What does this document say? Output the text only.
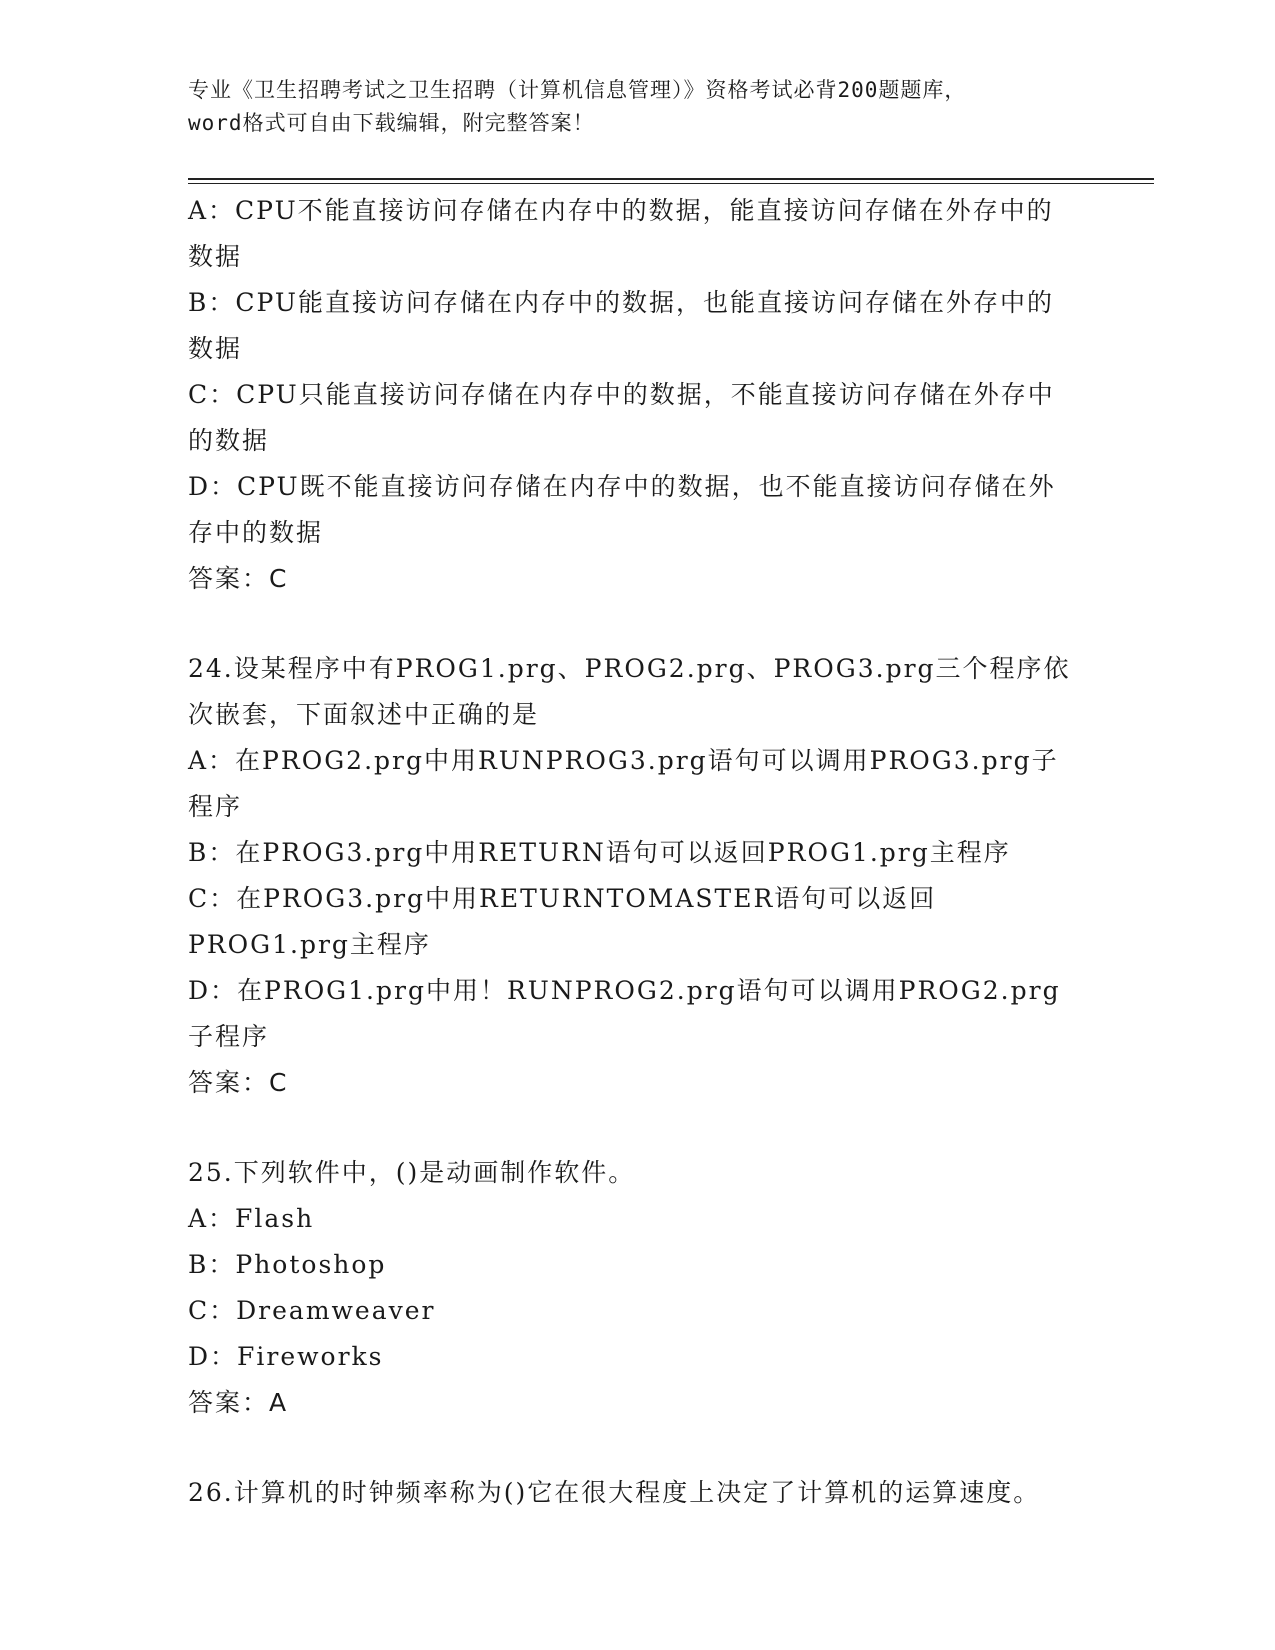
专业《卫生招聘考试之卫生招聘（计算机信息管理）》资格考试必背200题题库，
word格式可自由下载编辑，附完整答案！

A：CPU不能直接访问存储在内存中的数据，能直接访问存储在外存中的数据

B：CPU能直接访问存储在内存中的数据，也能直接访问存储在外存中的数据

C：CPU只能直接访问存储在内存中的数据，不能直接访问存储在外存中的数据

D：CPU既不能直接访问存储在内存中的数据，也不能直接访问存储在外存中的数据

答案：C

24.设某程序中有PROG1.prg、PROG2.prg、PROG3.prg三个程序依次嵌套，下面叙述中正确的是

A：在PROG2.prg中用RUNPROG3.prg语句可以调用PROG3.prg子程序

B：在PROG3.prg中用RETURN语句可以返回PROG1.prg主程序

C：在PROG3.prg中用RETURNTOMASTER语句可以返回PROG1.prg主程序

D：在PROG1.prg中用！RUNPROG2.prg语句可以调用PROG2.prg子程序

答案：C

25.下列软件中，()是动画制作软件。

A：Flash

B：Photoshop

C：Dreamweaver

D：Fireworks

答案：A

26.计算机的时钟频率称为()它在很大程度上决定了计算机的运算速度。
